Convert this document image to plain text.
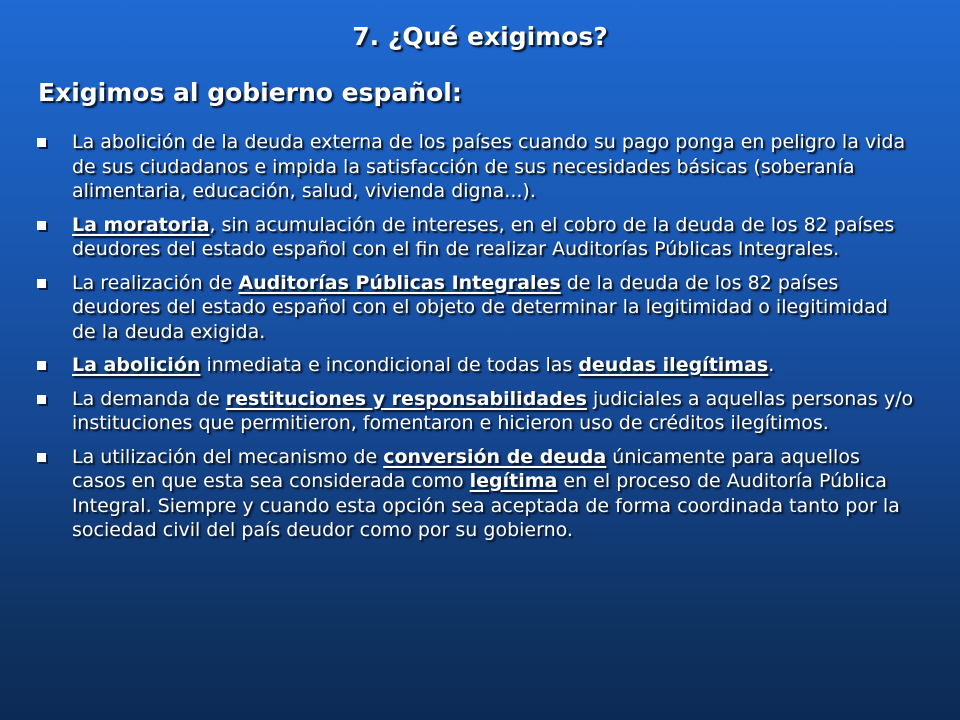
7. ¿Qué exigimos?
Exigimos al gobierno español:
La abolición de la deuda externa de los países cuando su pago ponga en peligro la vida de sus ciudadanos e impida la satisfacción de sus necesidades básicas (soberanía alimentaria, educación, salud, vivienda digna...).
La moratoria, sin acumulación de intereses, en el cobro de la deuda de los 82 países deudores del estado español con el fin de realizar Auditorías Públicas Integrales.
La realización de Auditorías Públicas Integrales de la deuda de los 82 países deudores del estado español con el objeto de determinar la legitimidad o ilegitimidad de la deuda exigida.
La abolición inmediata e incondicional de todas las deudas ilegítimas.
La demanda de restituciones y responsabilidades judiciales a aquellas personas y/o instituciones que permitieron, fomentaron e hicieron uso de créditos ilegítimos.
La utilización del mecanismo de conversión de deuda únicamente para aquellos casos en que esta sea considerada como legítima en el proceso de Auditoría Pública Integral. Siempre y cuando esta opción sea aceptada de forma coordinada tanto por la sociedad civil del país deudor como por su gobierno.
